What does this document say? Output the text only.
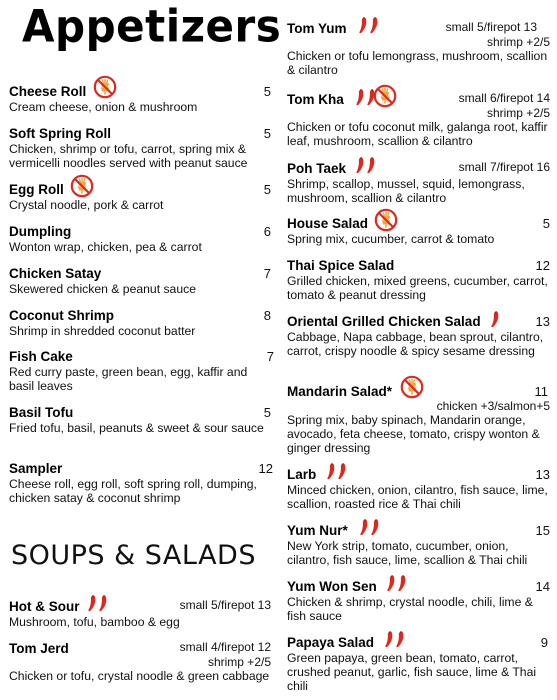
Appetizers
SOUPS & SALADS
Cheese Roll	5
Cream cheese, onion & mushroom
Soft Spring Roll	5
Chicken, shrimp or tofu, carrot, spring mix & vermicelli noodles served with peanut sauce
Egg Roll	5
Crystal noodle, pork & carrot
Dumpling	6
Wonton wrap, chicken, pea & carrot
Chicken Satay	7
Skewered chicken & peanut sauce
Coconut Shrimp	8
Shrimp in shredded coconut batter
Fish Cake	7
Red curry paste, green bean, egg, kaffir and basil leaves
Basil Tofu	5
Fried tofu, basil, peanuts & sweet & sour sauce
Sampler	12
Cheese roll, egg roll, soft spring roll, dumping, chicken satay & coconut shrimp
Hot & Sour	small 5/firepot 13
Mushroom, tofu, bamboo & egg
Tom Jerd	small 4/firepot 12
shrimp +2/5
Chicken or tofu, crystal noodle & green cabbage
Tom Yum	small 5/firepot 13
shrimp +2/5
Chicken or tofu lemongrass, mushroom, scallion & cilantro
Tom Kha	small 6/firepot 14
shrimp +2/5
Chicken or tofu coconut milk, galanga root, kaffir leaf, mushroom, scallion & cilantro
Poh Taek	small 7/firepot 16
Shrimp, scallop, mussel, squid, lemongrass, mushroom, scallion & cilantro
House Salad	5
Spring mix, cucumber, carrot & tomato
Thai Spice Salad	12
Grilled chicken, mixed greens, cucumber, carrot, tomato & peanut dressing
Oriental Grilled Chicken Salad	13
Cabbage, Napa cabbage, bean sprout, cilantro, carrot, crispy noodle & spicy sesame dressing
Mandarin Salad*	11
chicken +3/salmon+5
Spring mix, baby spinach, Mandarin orange, avocado, feta cheese, tomato, crispy wonton & ginger dressing
Larb	13
Minced chicken, onion, cilantro, fish sauce, lime, scallion, roasted rice & Thai chili
Yum Nur*	15
New York strip, tomato, cucumber, onion, cilantro, fish sauce, lime, scallion & Thai chili
Yum Won Sen	14
Chicken & shrimp, crystal noodle, chili, lime & fish sauce
Papaya Salad	9
Green papaya, green bean, tomato, carrot, crushed peanut, garlic, fish sauce, lime & Thai chili
